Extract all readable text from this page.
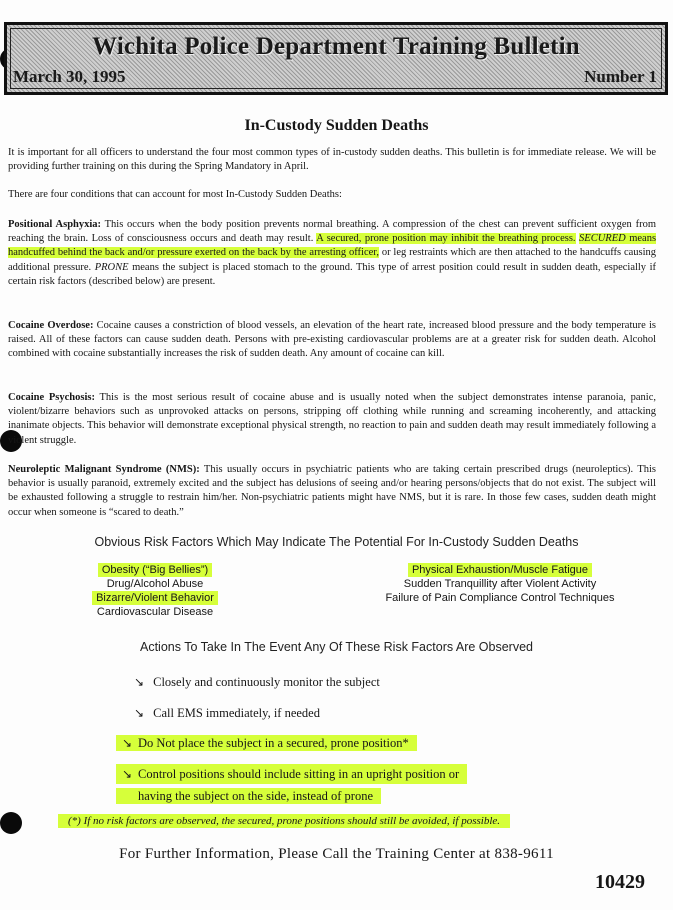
Wichita Police Department Training Bulletin
March 30, 1995	Number 1
In-Custody Sudden Deaths
It is important for all officers to understand the four most common types of in-custody sudden deaths. This bulletin is for immediate release. We will be providing further training on this during the Spring Mandatory in April.
There are four conditions that can account for most In-Custody Sudden Deaths:
Positional Asphyxia: This occurs when the body position prevents normal breathing. A compression of the chest can prevent sufficient oxygen from reaching the brain. Loss of consciousness occurs and death may result. A secured, prone position may inhibit the breathing process. SECURED means handcuffed behind the back and/or pressure exerted on the back by the arresting officer, or leg restraints which are then attached to the handcuffs causing additional pressure. PRONE means the subject is placed stomach to the ground. This type of arrest position could result in sudden death, especially if certain risk factors (described below) are present.
Cocaine Overdose: Cocaine causes a constriction of blood vessels, an elevation of the heart rate, increased blood pressure and the body temperature is raised. All of these factors can cause sudden death. Persons with pre-existing cardiovascular problems are at a greater risk for sudden death. Alcohol combined with cocaine substantially increases the risk of sudden death. Any amount of cocaine can kill.
Cocaine Psychosis: This is the most serious result of cocaine abuse and is usually noted when the subject demonstrates intense paranoia, panic, violent/bizarre behaviors such as unprovoked attacks on persons, stripping off clothing while running and screaming incoherently, and attacking inanimate objects. This behavior will demonstrate exceptional physical strength, no reaction to pain and sudden death may result immediately following a violent struggle.
Neuroleptic Malignant Syndrome (NMS): This usually occurs in psychiatric patients who are taking certain prescribed drugs (neuroleptics). This behavior is usually paranoid, extremely excited and the subject has delusions of seeing and/or hearing persons/objects that do not exist. The subject will be exhausted following a struggle to restrain him/her. Non-psychiatric patients might have NMS, but it is rare. In those few cases, sudden death might occur when someone is “scared to death.”
Obvious Risk Factors Which May Indicate The Potential For In-Custody Sudden Deaths
Obesity (“Big Bellies”)
Drug/Alcohol Abuse
Bizarre/Violent Behavior
Cardiovascular Disease
Physical Exhaustion/Muscle Fatigue
Sudden Tranquillity after Violent Activity
Failure of Pain Compliance Control Techniques
Actions To Take In The Event Any Of These Risk Factors Are Observed
↘ Closely and continuously monitor the subject
↘ Call EMS immediately, if needed
↘ Do Not place the subject in a secured, prone position*
↘ Control positions should include sitting in an upright position or
having the subject on the side, instead of prone
(*) If no risk factors are observed, the secured, prone positions should still be avoided, if possible.
For Further Information, Please Call the Training Center at 838-9611
10429
